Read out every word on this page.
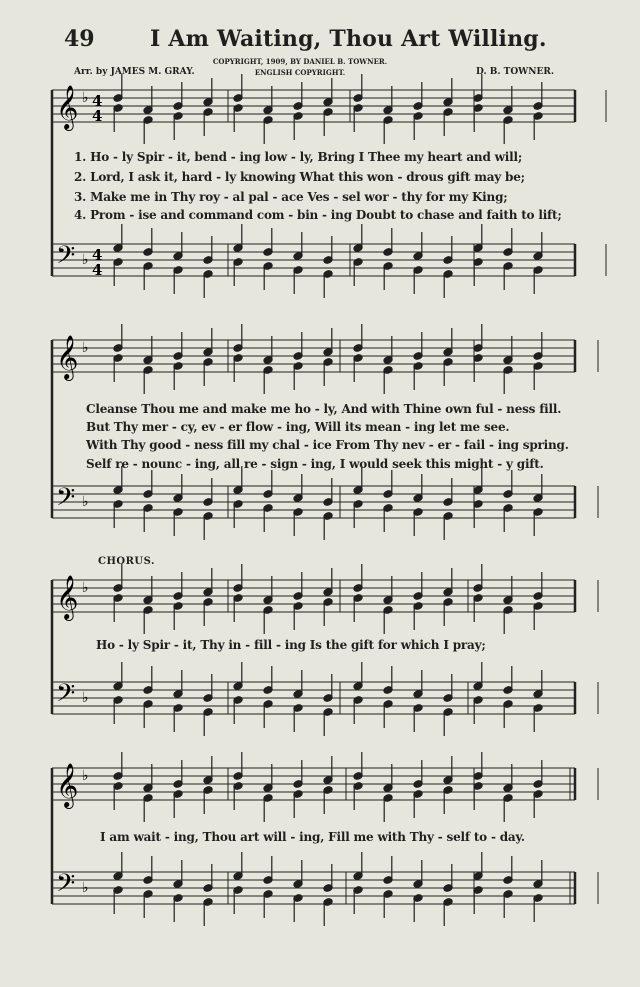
49	I Am Waiting, Thou Art Willing.
Arr. by JAMES M. GRAY.
COPYRIGHT, 1909, BY DANIEL B. TOWNER.
ENGLISH COPYRIGHT.	D. B. TOWNER.
𝄞
𝄢
♭
♭
4
4
4
4
𝄞
𝄢
♭
♭
𝄞
𝄢
♭
♭
𝄞
𝄢
♭
♭
1. Ho - ly Spir - it, bend - ing low - ly, Bring I Thee my heart and will;
2. Lord, I ask it, hard - ly knowing What this won - drous gift may be;
3. Make me in Thy roy - al pal - ace Ves - sel wor - thy for my King;
4. Prom - ise and command com - bin - ing Doubt to chase and faith to lift;
Cleanse Thou me and make me ho - ly, And with Thine own ful - ness fill.
But Thy mer - cy, ev - er flow - ing, Will its mean - ing let me see.
With Thy good - ness fill my chal - ice From Thy nev - er - fail - ing spring.
Self re - nounc - ing, all re - sign - ing, I would seek this might - y gift.
CHORUS.
Ho - ly Spir - it, Thy in - fill - ing Is the gift for which I pray;
I am wait - ing, Thou art will - ing, Fill me with Thy - self to - day.
